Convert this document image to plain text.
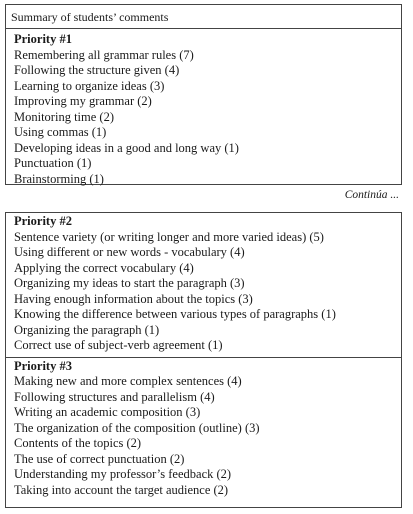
Summary of students’ comments
Priority #1
Remembering all grammar rules (7)
Following the structure given (4)
Learning to organize ideas (3)
Improving my grammar (2)
Monitoring time (2)
Using commas (1)
Developing ideas in a good and long way (1)
Punctuation (1)
Brainstorming (1)
Continúa ...
Priority #2
Sentence variety (or writing longer and more varied ideas) (5)
Using different or new words - vocabulary (4)
Applying the correct vocabulary (4)
Organizing my ideas to start the paragraph (3)
Having enough information about the topics (3)
Knowing the difference between various types of paragraphs (1)
Organizing the paragraph (1)
Correct use of subject-verb agreement (1)
Priority #3
Making new and more complex sentences (4)
Following structures and parallelism (4)
Writing an academic composition (3)
The organization of the composition (outline) (3)
Contents of the topics (2)
The use of correct punctuation (2)
Understanding my professor’s feedback (2)
Taking into account the target audience (2)
